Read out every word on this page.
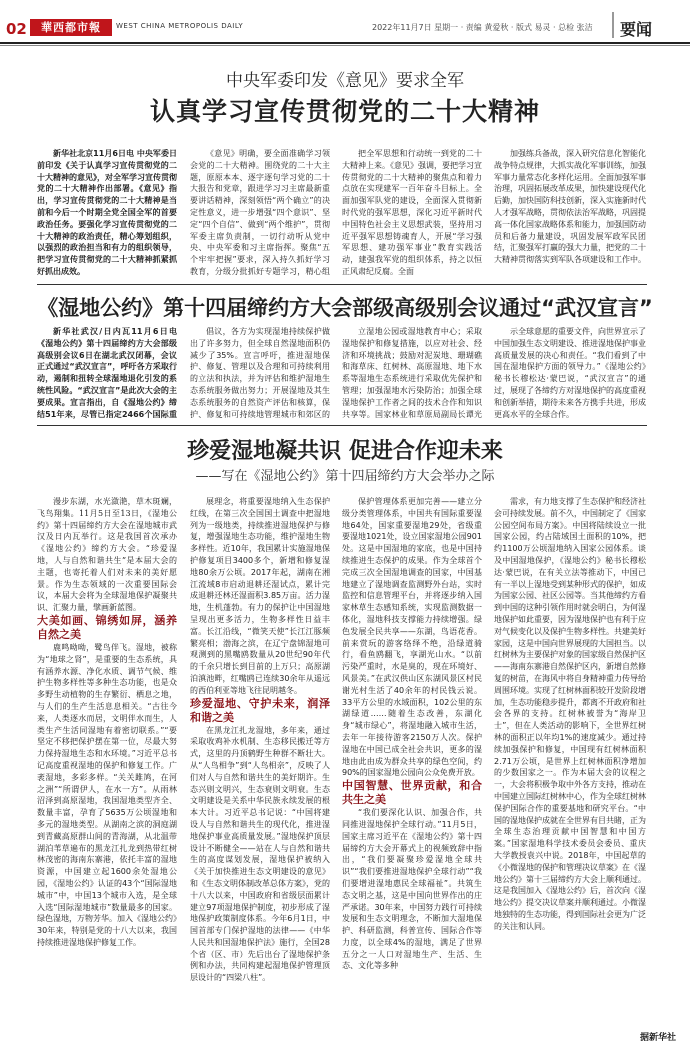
02	華西都市報	WEST CHINA METROPOLIS DAILY	2022年11月7日 星期一 · 责编 黄爱秋 · 版式 易灵 · 总检 张洁 要闻
中央军委印发《意见》要求全军
认真学习宣传贯彻党的二十大精神

新华社北京11月6日电 中央军委日前印发《关于认真学习宣传贯彻党的二十大精神的意见》，对全军学习宣传贯彻党的二十大精神作出部署。《意见》指出，学习宣传贯彻党的二十大精神是当前和今后一个时期全党全国全军的首要政治任务。要强化学习宣传贯彻党的二十大精神的政治责任，精心筹划组织，以强烈的政治担当和有力的组织领导，把学习宣传贯彻党的二十大精神抓紧抓好抓出成效。

《意见》明确，要全面准确学习领会党的二十大精神。围绕党的二十大主题，原原本本、逐字逐句学习党的二十大报告和党章，跟进学习习主席最新重要讲话精神，深刻领悟“两个确立”的决定性意义，进一步增强“四个意识”、坚定“四个自信”、做到“两个维护”，贯彻军委主席负责制，一切行动听从党中央、中央军委和习主席指挥。聚焦“五个牢牢把握”要求，深入持久抓好学习教育，分级分批抓好专题学习，精心组

把全军思想和行动统一到党的二十大精神上来。《意见》强调，要把学习宣传贯彻党的二十大精神的聚焦点和着力点放在实现建军一百年奋斗目标上。全面加强军队党的建设，全面深入贯彻新时代党的强军思想，深化习近平新时代中国特色社会主义思想武装，坚持用习近平强军思想铸魂育人，开展“学习强军思想、建功强军事业”教育实践活动，建强我军党的组织体系，持之以恒正风肃纪反腐。全面

加强练兵备战，深入研究信息化智能化战争特点规律，大抓实战化军事训练，加强军事力量常态化多样化运用。全面加强军事治理，巩固拓展改革成果，加快建设现代化后勤，加快国防科技创新，深入实施新时代人才强军战略，贯彻依法治军战略，巩固提高一体化国家战略体系和能力，加强国防动员和后备力量建设，巩固发展军政军民团结，汇聚强军打赢的强大力量，把党的二十大精神贯彻落实到军队各项建设和工作中。

《湿地公约》第十四届缔约方大会部级高级别会议通过“武汉宣言”

新华社武汉/日内瓦11月6日电 《湿地公约》第十四届缔约方大会部级高级别会议6日在湖北武汉闭幕，会议正式通过“武汉宣言”，呼吁各方采取行动，遏制和扭转全球湿地退化引发的系统性风险。“武汉宣言”是此次大会的主要成果。宣言指出，自《湿地公约》缔结51年来，尽管已指定2466个国际重

倡议，各方为实现湿地持续保护做出了许多努力，但全球自然湿地面积仍减少了35%。宣言呼吁，推进湿地保护、修复、管理以及合理和可持续利用的立法和执法，并为评估和维护湿地生态系统服务做出努力；开展湿地及其生态系统服务的自然资产评估和核算，保护、修复和可持续地管理城市和郊区的

立湿地公园或湿地教育中心；采取湿地保护和修复措施，以应对社会、经济和环境挑战；鼓励对泥炭地、珊瑚礁和海草床、红树林、高原湿地、地下水系等湿地生态系统进行采取优先保护和管理；加强湿地水污染防治；加强全球湿地保护工作者之间的技术合作和知识共享等。国家林业和草原局副局长谭光

示全球意愿的重要文件，向世界宣示了中国加强生态文明建设、推进湿地保护事业高质量发展的决心和责任。“我们看到了中国在湿地保护方面的领导力。”《湿地公约》秘书长穆松达·蒙巴说，“武汉宣言”的通过，展现了各缔约方对湿地保护的高度重视和创新举措，期待未来各方携手共进，形成更高水平的全球合作。

珍爱湿地凝共识 促进合作迎未来
——写在《湿地公约》第十四届缔约方大会举办之际

漫步东湖，水光潋滟，草木斑斓，飞鸟翔集。11月5日至13日，《湿地公约》第十四届缔约方大会在湿地城市武汉及日内瓦举行。这是我国首次承办《湿地公约》缔约方大会。“珍爱湿地，人与自然和谐共生”是本届大会的主题，也寄托着人们对未来的美好愿景。作为生态领域的一次重要国际会议，本届大会将为全球湿地保护凝聚共识、汇聚力量，擘画新蓝图。

大美如画、锦绣如屏，涵养自然之美

鹿鸣呦呦，鹭鸟伴飞。湿地，被称为“地球之肾”，是重要的生态系统，具有涵养水源、净化水质、调节气候、维护生物多样性等多种生态功能，也是众多野生动植物的生存繁衍、栖息之地，与人们的生产生活息息相关。“古往今来，人类逐水而居，文明伴水而生，人类生产生活同湿地有着密切联系。”“要坚定不移把保护摆在第一位，尽最大努力保持湿地生态和水环境。”习近平总书记高度重视湿地的保护和修复工作。广袤湿地，多彩多样。“关关雎鸠，在河之洲”“所谓伊人，在水一方”。从雨林沼泽到高原湿地，我国湿地类型齐全、数量丰富，孕育了5635万公顷湿地和多元的湿地类型。从湖南之滨的洞庭湖到青藏高原群山间的青海湖，从北温带湖泊苇草遍布的黑龙江扎龙到热带红树林茂密的海南东寨港，依托丰富的湿地资源，中国建立起1600余处湿地公园，《湿地公约》认证的43个“国际湿地城市”中，中国13个城市入选，是全球入选“国际湿地城市”数量最多的国家。绿色湿地，万物芳华。加入《湿地公约》30年来，特别是党的十八大以来，我国持续推进湿地保护修复工作。

展理念，将重要湿地纳入生态保护红线，在第三次全国国土调查中把湿地列为一级地类，持续推进湿地保护与修复，增强湿地生态功能，维护湿地生物多样性。近10年，我国累计实施湿地保护修复项目3400多个，新增和修复湿地80余万公顷。2017年起，湖南在湘江流域8市启动退耕还湿试点，累计完成退耕还林还湿面积3.85万亩。活力湿地，生机蓬勃。有力的保护让中国湿地呈现出更多活力，生物多样性日益丰富。长江沿线，“微笑天使”长江江豚频繁亮相；渤海之滨，在辽宁盘锦湿地可观测到的黑嘴鸥数量从20世纪90年代的千余只增长到目前的上万只；高原湖泊滇池畔，红嘴鸥已连续30余年从遥远的西伯利亚等地飞往昆明越冬。

珍爱湿地、守护未来，润泽和谐之美

在黑龙江扎龙湿地，多年来，通过采取收鸡补水机制、生态移民搬迁等方式，这里的丹顶鹤野生种群不断壮大。从“人鸟相争”到“人鸟相亲”，反映了人们对人与自然和谐共生的美好期许。生态兴则文明兴，生态衰则文明衰。生态文明建设是关系中华民族永续发展的根本大计。习近平总书记说：“中国将建设人与自然和谐共生的现代化，推进湿地保护事业高质量发展。”湿地保护顶层设计不断健全——站在人与自然和谐共生的高度谋划发展，湿地保护被纳入《关于加快推进生态文明建设的意见》和《生态文明体制改革总体方案》，党的十八大以来，中国政府和省级层面累计建立97项湿地保护制度，初步形成了湿地保护政策制度体系。今年6月1日，中国首部专门保护湿地的法律——《中华人民共和国湿地保护法》施行，全国28个省（区、市）先后出台了湿地保护条例和办法，共同构建起湿地保护管理顶层设计的“四梁八柱”。

保护管理体系更加完善——建立分级分类管理体系，中国共有国际重要湿地64处，国家重要湿地29处，省级重要湿地1021处，设立国家湿地公园901处。这是中国湿地的家底，也是中国持续推进生态保护的成果。作为全球首个完成三次全国湿地调查的国家，中国基地建立了湿地调查监测野外台站，实时监控和信息管理平台，并将逐步纳入国家林草生态感知系统，实现监测数据一体化，湿地科技支撑能力持续增强。绿色发展全民共享——东湖，鸟语花香。前来赏玩的游客络绎不绝，沿绿道骑行，看鱼鸥翻飞，享湖光山水。“以前污染严重时，水是臭的，现在环境好、风景美。”在武汉供山区东湖风景区村民谢光村生活了40余年的村民钱云说。33平方公里的水域面积，102公里的东湖绿道……随着生态改善，东湖化身“城市绿心”，将湿地融入城市生活，去年一年接待游客2150万人次。保护湿地在中国已成全社会共识，更多的湿地由此由成为群众共享的绿色空间，约90%的国家湿地公园向公众免费开放。

中国智慧、世界贡献，和合共生之美

“我们要深化认识、加强合作，共同推进湿地保护全球行动。”11月5日，国家主席习近平在《湿地公约》第十四届缔约方大会开幕式上的视频致辞中指出，“我们要凝聚珍爱湿地全球共识”“我们要推进湿地保护全球行动”“我们要增进湿地惠民全球福祉”。共筑生态文明之基，这是中国向世界作出的庄严承诺。30年来，中国努力践行可持续发展和生态文明理念，不断加大湿地保护、科研监测，科普宣传、国际合作等力度，以全球4%的湿地，满足了世界五分之一人口对湿地生产、生活、生态、文化等多种

需求，有力地支撑了生态保护和经济社会可持续发展。前不久，中国制定了《国家公园空间布局方案》。中国将陆续设立一批国家公园，约占陆域国土面积的10%，把约1100万公顷湿地纳入国家公园体系。谈及中国湿地保护，《湿地公约》秘书长穆松达·蒙巴说，在有关立法等推动下，中国已有一半以上湿地受到某种形式的保护，如成为国家公园、社区公园等。当其他缔约方看到中国的这种引领作用时就会明白，为何湿地保护如此重要，因为湿地保护也有利于应对气候变化以及保护生物多样性。共建美好家园，这是中国向世界展现的大国担当。以红树林为主要保护对象的国家级自然保护区——海南东寨港自然保护区内，新增自然修复的树苗，在海风中将自身精神重力传导给周围环境。实现了红树林面积较开发阶段增加，生态功能稳步提升，都离不开政府和社会各界的支持。红树林被誉为“海岸卫士”，但在人类活动的影响下，全世界红树林的面积正以年均1%的速度减少。通过持续加强保护和修复，中国现有红树林面积2.71万公顷，是世界上红树林面积净增加的少数国家之一。作为本届大会的议程之一，大会将积极争取中外各方支持，推动在中国建立国际红树林中心，作为全球红树林保护国际合作的重要基地和研究平台。“中国的湿地保护成就在全世界有目共睹，正为全球生态治理贡献中国智慧和中国方案。”国家湿地科学技术委员会委员、重庆大学教授袁兴中说。2018年，中国起草的《小微湿地的保护和管理决议草案》在《湿地公约》第十三届缔约方大会上顺利通过。这是我国加入《湿地公约》后，首次向《湿地公约》提交决议草案并顺利通过。小微湿地独特的生态功能，得到国际社会更为广泛的关注和认同。

据新华社
